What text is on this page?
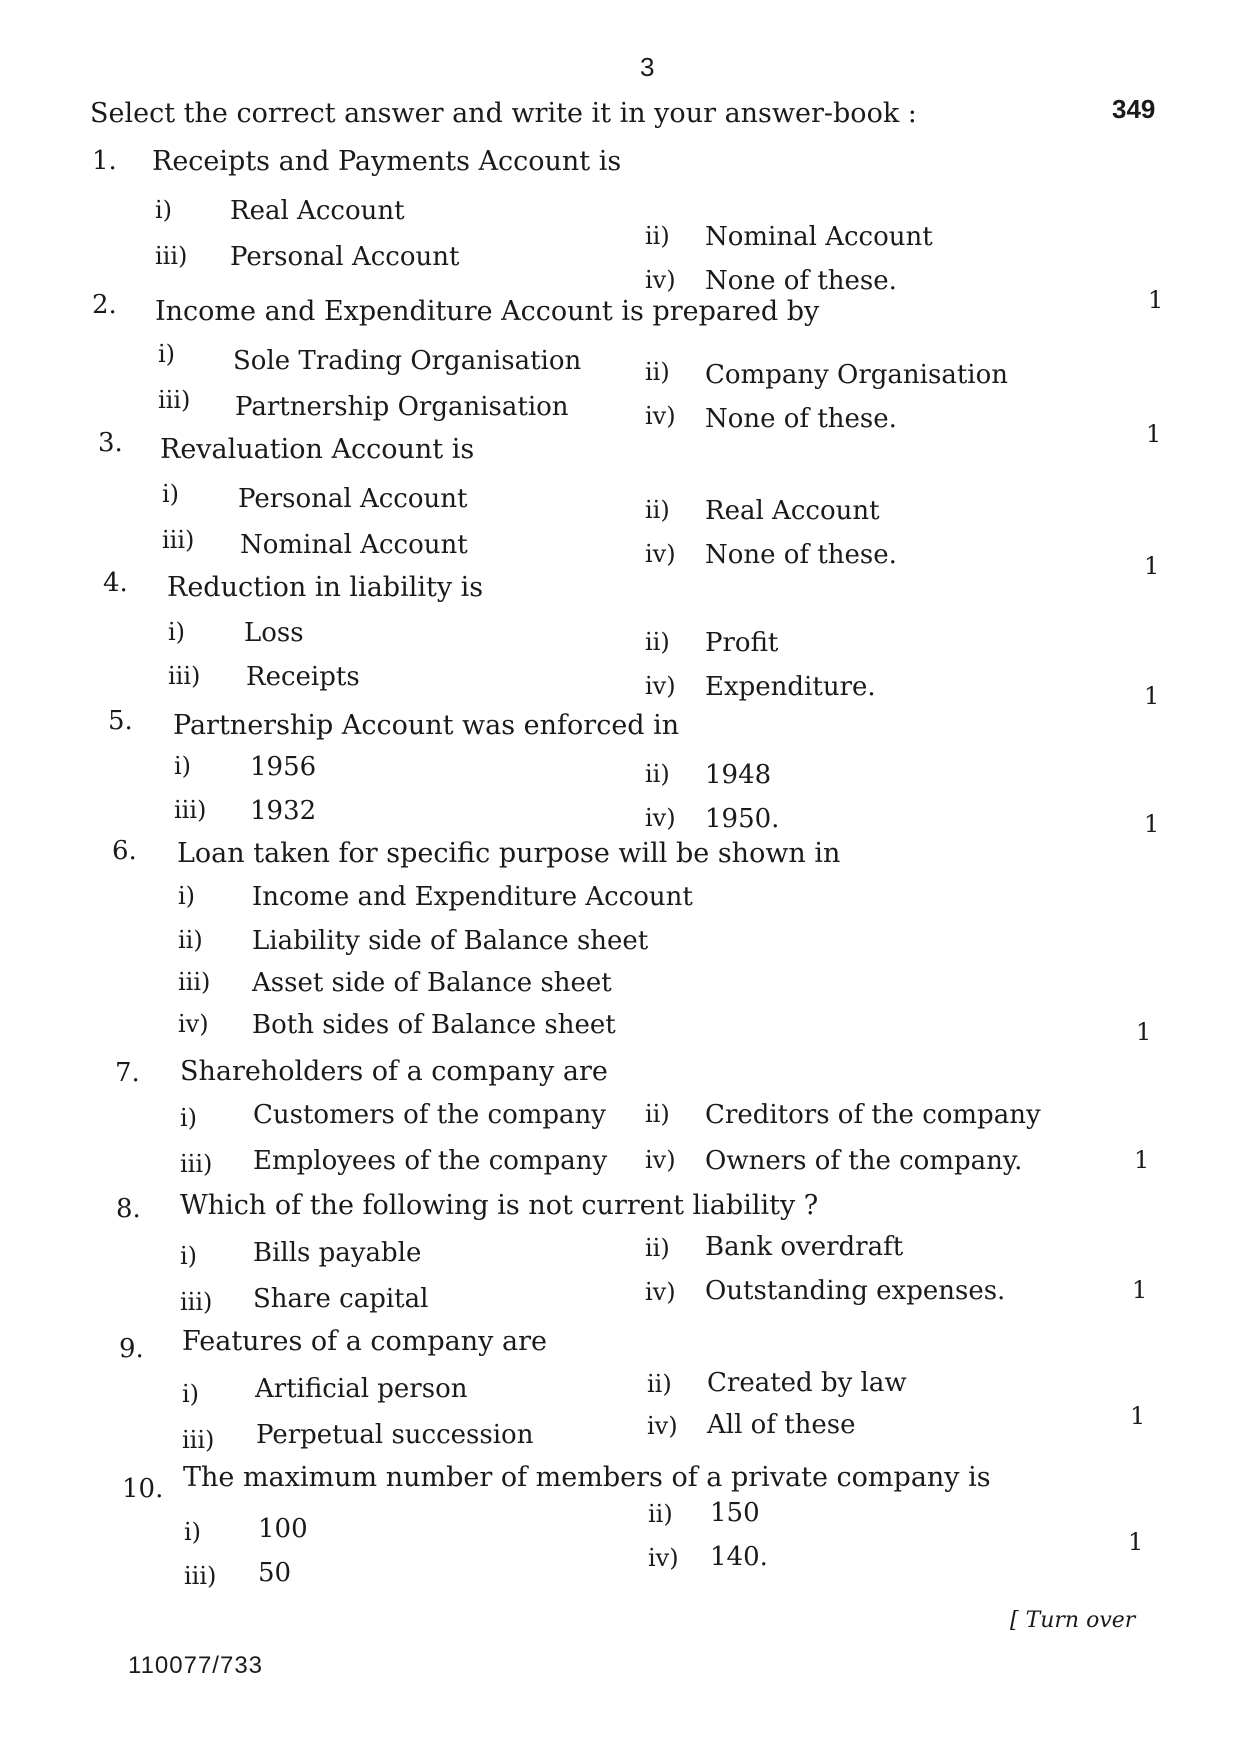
3
349
Select the correct answer and write it in your answer-book :
1. Receipts and Payments Account is
i) Real Account
ii) Nominal Account
iii) Personal Account
iv) None of these.
1
2. Income and Expenditure Account is prepared by
i) Sole Trading Organisation	ii) Company Organisation
iii) Partnership Organisation	iv) None of these.	1
3. Revaluation Account is
i) Personal Account	ii) Real Account
iii) Nominal Account	iv) None of these.	1
4. Reduction in liability is
i) Loss	ii) Profit
iii) Receipts	iv) Expenditure.	1
5. Partnership Account was enforced in
i) 1956	ii) 1948
iii) 1932	iv) 1950.	1
6. Loan taken for specific purpose will be shown in
i) Income and Expenditure Account
ii) Liability side of Balance sheet
iii) Asset side of Balance sheet
iv) Both sides of Balance sheet	1
7. Shareholders of a company are
i) Customers of the company ii) Creditors of the company
iii) Employees of the company iv) Owners of the company.	1
8. Which of the following is not current liability ?
i) Bills payable	ii) Bank overdraft
iii) Share capital	iv) Outstanding expenses.	1
9. Features of a company are
i) Artificial person	ii) Created by law
iii) Perpetual succession	iv) All of these	1
10. The maximum number of members of a private company is
i) 100	ii) 150
iii) 50	iv) 140.	1
[ Turn over
110077/733
